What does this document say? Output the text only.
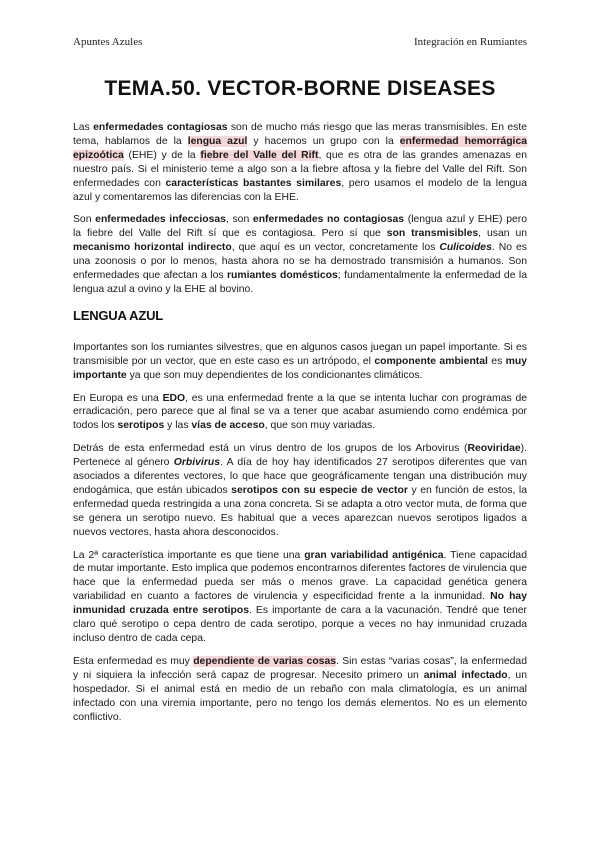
Apuntes Azules	Integración en Rumiantes
TEMA.50. VECTOR-BORNE DISEASES

Las enfermedades contagiosas son de mucho más riesgo que las meras transmisibles. En este tema, hablamos de la lengua azul y hacemos un grupo con la enfermedad hemorrágica epizoótica (EHE) y de la fiebre del Valle del Rift, que es otra de las grandes amenazas en nuestro país. Si el ministerio teme a algo son a la fiebre aftosa y la fiebre del Valle del Rift. Son enfermedades con características bastantes similares, pero usamos el modelo de la lengua azul y comentaremos las diferencias con la EHE.

Son enfermedades infecciosas, son enfermedades no contagiosas (lengua azul y EHE) pero la fiebre del Valle del Rift sí que es contagiosa. Pero sí que son transmisibles, usan un mecanismo horizontal indirecto, que aquí es un vector, concretamente los Culicoides. No es una zoonosis o por lo menos, hasta ahora no se ha demostrado transmisión a humanos. Son enfermedades que afectan a los rumiantes domésticos; fundamentalmente la enfermedad de la lengua azul a ovino y la EHE al bovino.

LENGUA AZUL

Importantes son los rumiantes silvestres, que en algunos casos juegan un papel importante. Si es transmisible por un vector, que en este caso es un artrópodo, el componente ambiental es muy importante ya que son muy dependientes de los condicionantes climáticos.

En Europa es una EDO, es una enfermedad frente a la que se intenta luchar con programas de erradicación, pero parece que al final se va a tener que acabar asumiendo como endémica por todos los serotipos y las vías de acceso, que son muy variadas.

Detrás de esta enfermedad está un virus dentro de los grupos de los Arbovirus (Reoviridae). Pertenece al género Orbivirus. A día de hoy hay identificados 27 serotipos diferentes que van asociados a diferentes vectores, lo que hace que geográficamente tengan una distribución muy endogámica, que están ubicados serotipos con su especie de vector y en función de estos, la enfermedad queda restringida a una zona concreta. Si se adapta a otro vector muta, de forma que se genera un serotipo nuevo. Es habitual que a veces aparezcan nuevos serotipos ligados a nuevos vectores, hasta ahora desconocidos.

La 2ª característica importante es que tiene una gran variabilidad antigénica. Tiene capacidad de mutar importante. Esto implica que podemos encontrarnos diferentes factores de virulencia que hace que la enfermedad pueda ser más o menos grave. La capacidad genética genera variabilidad en cuanto a factores de virulencia y especificidad frente a la inmunidad. No hay inmunidad cruzada entre serotipos. Es importante de cara a la vacunación. Tendré que tener claro qué serotipo o cepa dentro de cada serotipo, porque a veces no hay inmunidad cruzada incluso dentro de cada cepa.

Esta enfermedad es muy dependiente de varias cosas. Sin estas “varias cosas”, la enfermedad y ni siquiera la infección será capaz de progresar. Necesito primero un animal infectado, un hospedador. Si el animal está en medio de un rebaño con mala climatología, es un animal infectado con una viremia importante, pero no tengo los demás elementos. No es un elemento conflictivo.
